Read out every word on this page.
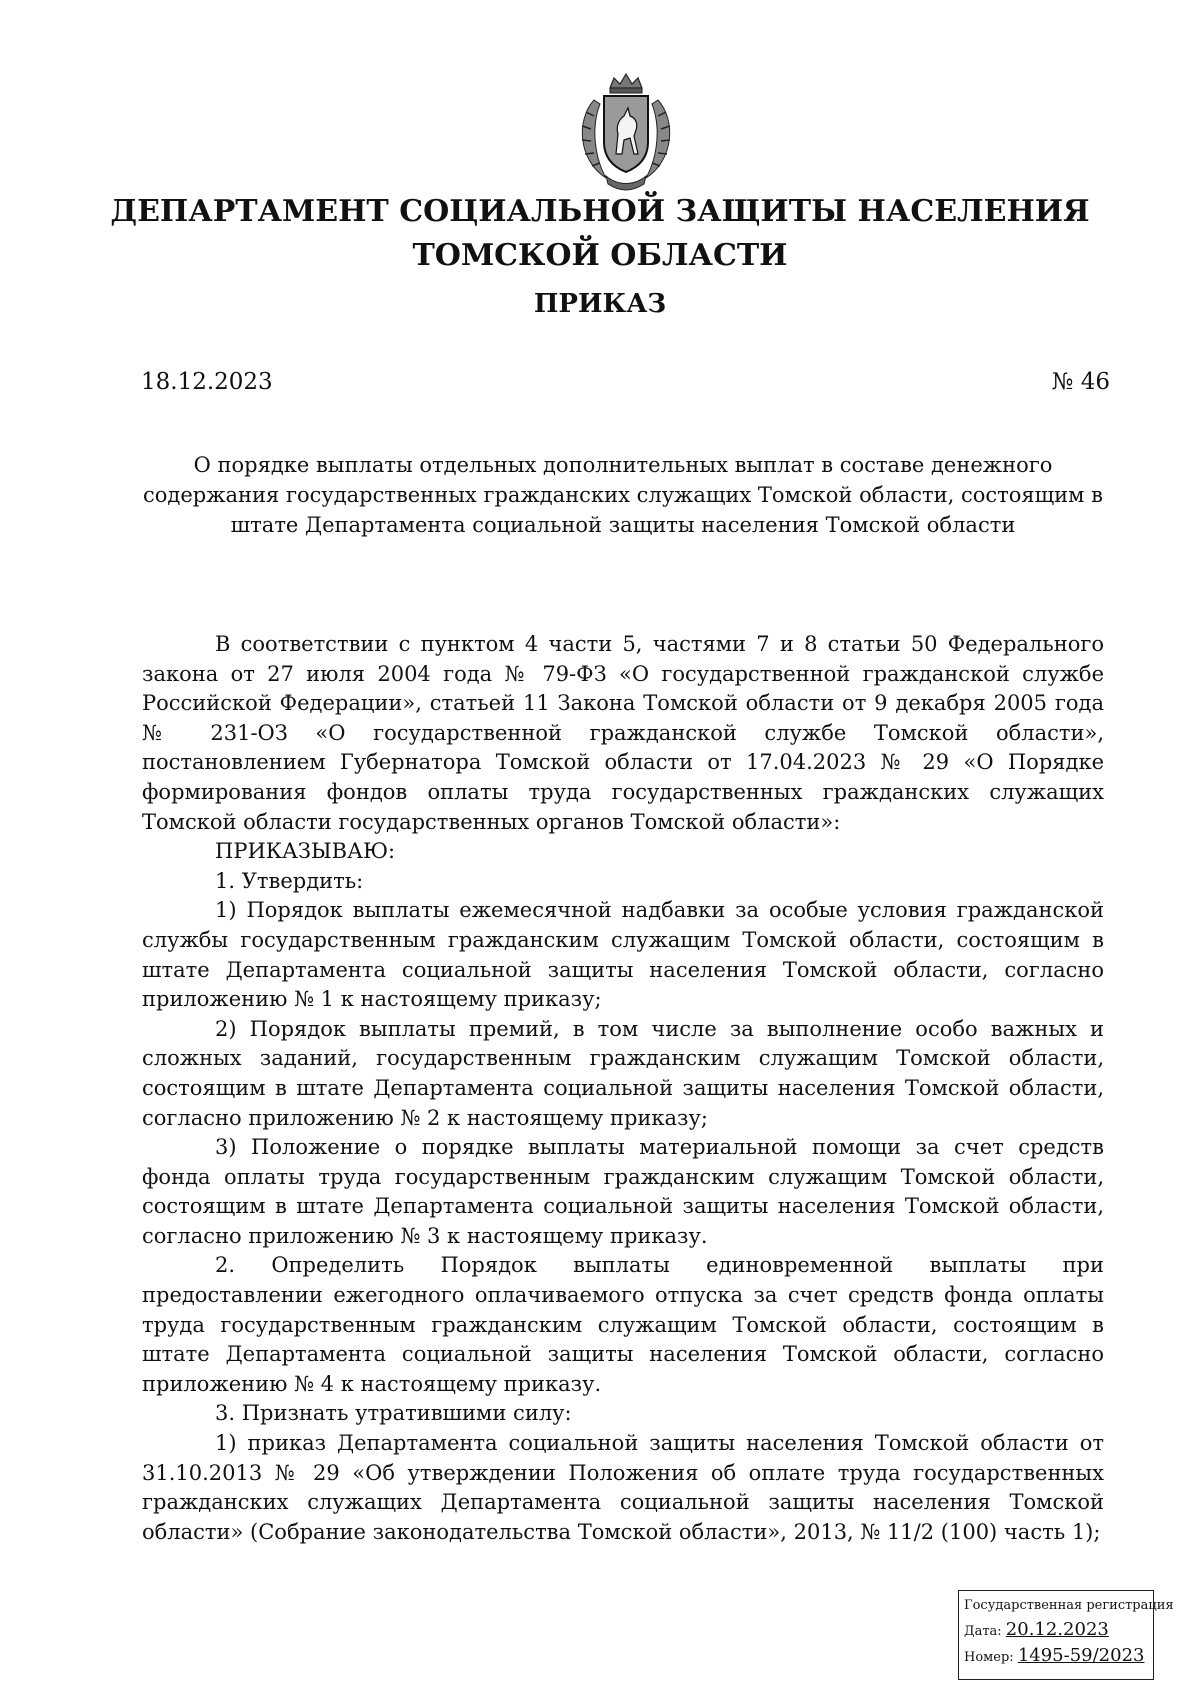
ДЕПАРТАМЕНТ СОЦИАЛЬНОЙ ЗАЩИТЫ НАСЕЛЕНИЯ
ТОМСКОЙ ОБЛАСТИ
ПРИКАЗ
18.12.2023	№ 46
О порядке выплаты отдельных дополнительных выплат в составе денежного содержания государственных гражданских служащих Томской области, состоящим в штате Департамента социальной защиты населения Томской области

В соответствии с пунктом 4 части 5, частями 7 и 8 статьи 50 Федерального закона от 27 июля 2004 года № 79-ФЗ «О государственной гражданской службе Российской Федерации», статьей 11 Закона Томской области от 9 декабря 2005 года № 231-ОЗ «О государственной гражданской службе Томской области», постановлением Губернатора Томской области от 17.04.2023 № 29 «О Порядке формирования фондов оплаты труда государственных гражданских служащих Томской области государственных органов Томской области»:

ПРИКАЗЫВАЮ:

1. Утвердить:

1) Порядок выплаты ежемесячной надбавки за особые условия гражданской службы государственным гражданским служащим Томской области, состоящим в штате Департамента социальной защиты населения Томской области, согласно приложению № 1 к настоящему приказу;

2) Порядок выплаты премий, в том числе за выполнение особо важных и сложных заданий, государственным гражданским служащим Томской области, состоящим в штате Департамента социальной защиты населения Томской области, согласно приложению № 2 к настоящему приказу;

3) Положение о порядке выплаты материальной помощи за счет средств фонда оплаты труда государственным гражданским служащим Томской области, состоящим в штате Департамента социальной защиты населения Томской области, согласно приложению № 3 к настоящему приказу.

2. Определить Порядок выплаты единовременной выплаты при предоставлении ежегодного оплачиваемого отпуска за счет средств фонда оплаты труда государственным гражданским служащим Томской области, состоящим в штате Департамента социальной защиты населения Томской области, согласно приложению № 4 к настоящему приказу.

3. Признать утратившими силу:

1) приказ Департамента социальной защиты населения Томской области от 31.10.2013 № 29 «Об утверждении Положения об оплате труда государственных гражданских служащих Департамента социальной защиты населения Томской области» (Собрание законодательства Томской области», 2013, № 11/2 (100) часть 1);

Государственная регистрация
Дата: 20.12.2023
Номер: 1495-59/2023
